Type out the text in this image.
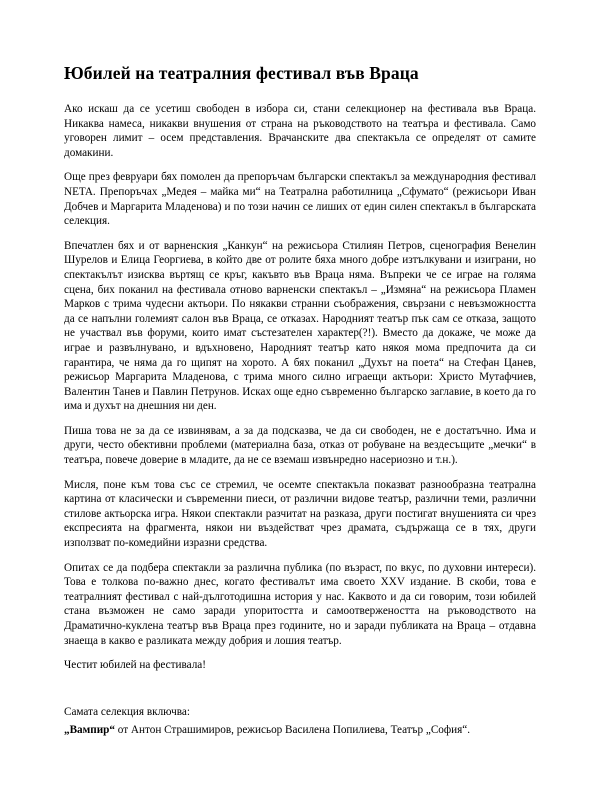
Юбилей на театралния фестивал във Враца

Ако искаш да се усетиш свободен в избора си, стани селекционер на фестивала във Враца. Никаква намеса, никакви внушения от страна на ръководството на театъра и фестивала. Само уговорен лимит – осем представления. Врачанските два спектакъла се определят от самите домакини.

Още през февруари бях помолен да препоръчам български спектакъл за международния фестивал NETA. Препоръчах „Медея – майка ми“ на Театрална работилница „Сфумато“ (режисьори Иван Добчев и Маргарита Младенова) и по този начин се лиших от един силен спектакъл в българската селекция.

Впечатлен бях и от варненския „Канкун“ на режисьора Стилиян Петров, сценография Венелин Шурелов и Елица Георгиева, в който две от ролите бяха много добре изтълкувани и изиграни, но спектакълът изисква въртящ се кръг, какъвто във Враца няма. Въпреки че се играе на голяма сцена, бих поканил на фестивала отново варненски спектакъл – „Измяна“ на режисьора Пламен Марков с трима чудесни актьори. По някакви странни съображения, свързани с невъзможността да се напълни големият салон във Враца, се отказах. Народният театър пък сам се отказа, защото не участвал във форуми, които имат състезателен характер(?!). Вместо да докаже, че може да играе и развълнувано, и вдъхновено, Народният театър като някоя мома предпочита да си гарантира, че няма да го щипят на хорото. А бях поканил „Духът на поета“ на Стефан Цанев, режисьор Маргарита Младенова, с трима много силно играещи актьори: Христо Мутафчиев, Валентин Танев и Павлин Петрунов. Исках още едно съвременно българско заглавие, в което да го има и духът на днешния ни ден.

Пиша това не за да се извинявам, а за да подсказва, че да си свободен, не е достатъчно. Има и други, често обективни проблеми (материална база, отказ от робуване на вездесъщите „мечки“ в театъра, повече доверие в младите, да не се вземаш извънредно насериозно и т.н.).

Мисля, поне към това със се стремил, че осемте спектакъла показват разнообразна театрална картина от класически и съвременни пиеси, от различни видове театър, различни теми, различни стилове актьорска игра. Някои спектакли разчитат на разказа, други постигат внушенията си чрез експресията на фрагмента, някои ни въздействат чрез драмата, съдържаща се в тях, други използват по-комедийни изразни средства.

Опитах се да подбера спектакли за различна публика (по възраст, по вкус, по духовни интереси). Това е толкова по-важно днес, когато фестивалът има своето XXV издание. В скоби, това е театралният фестивал с най-дълготодишна история у нас. Каквото и да си говорим, този юбилей стана възможен не само заради упоритостта и самоотвержеността на ръководството на Драматично-куклена театър във Враца през годините, но и заради публиката на Враца – отдавна знаеща в какво е разликата между добрия и лошия театър.

Честит юбилей на фестивала!

Самата селекция включва:

„Вампир“ от Антон Страшимиров, режисьор Василена Попилиева, Театър „София“.
